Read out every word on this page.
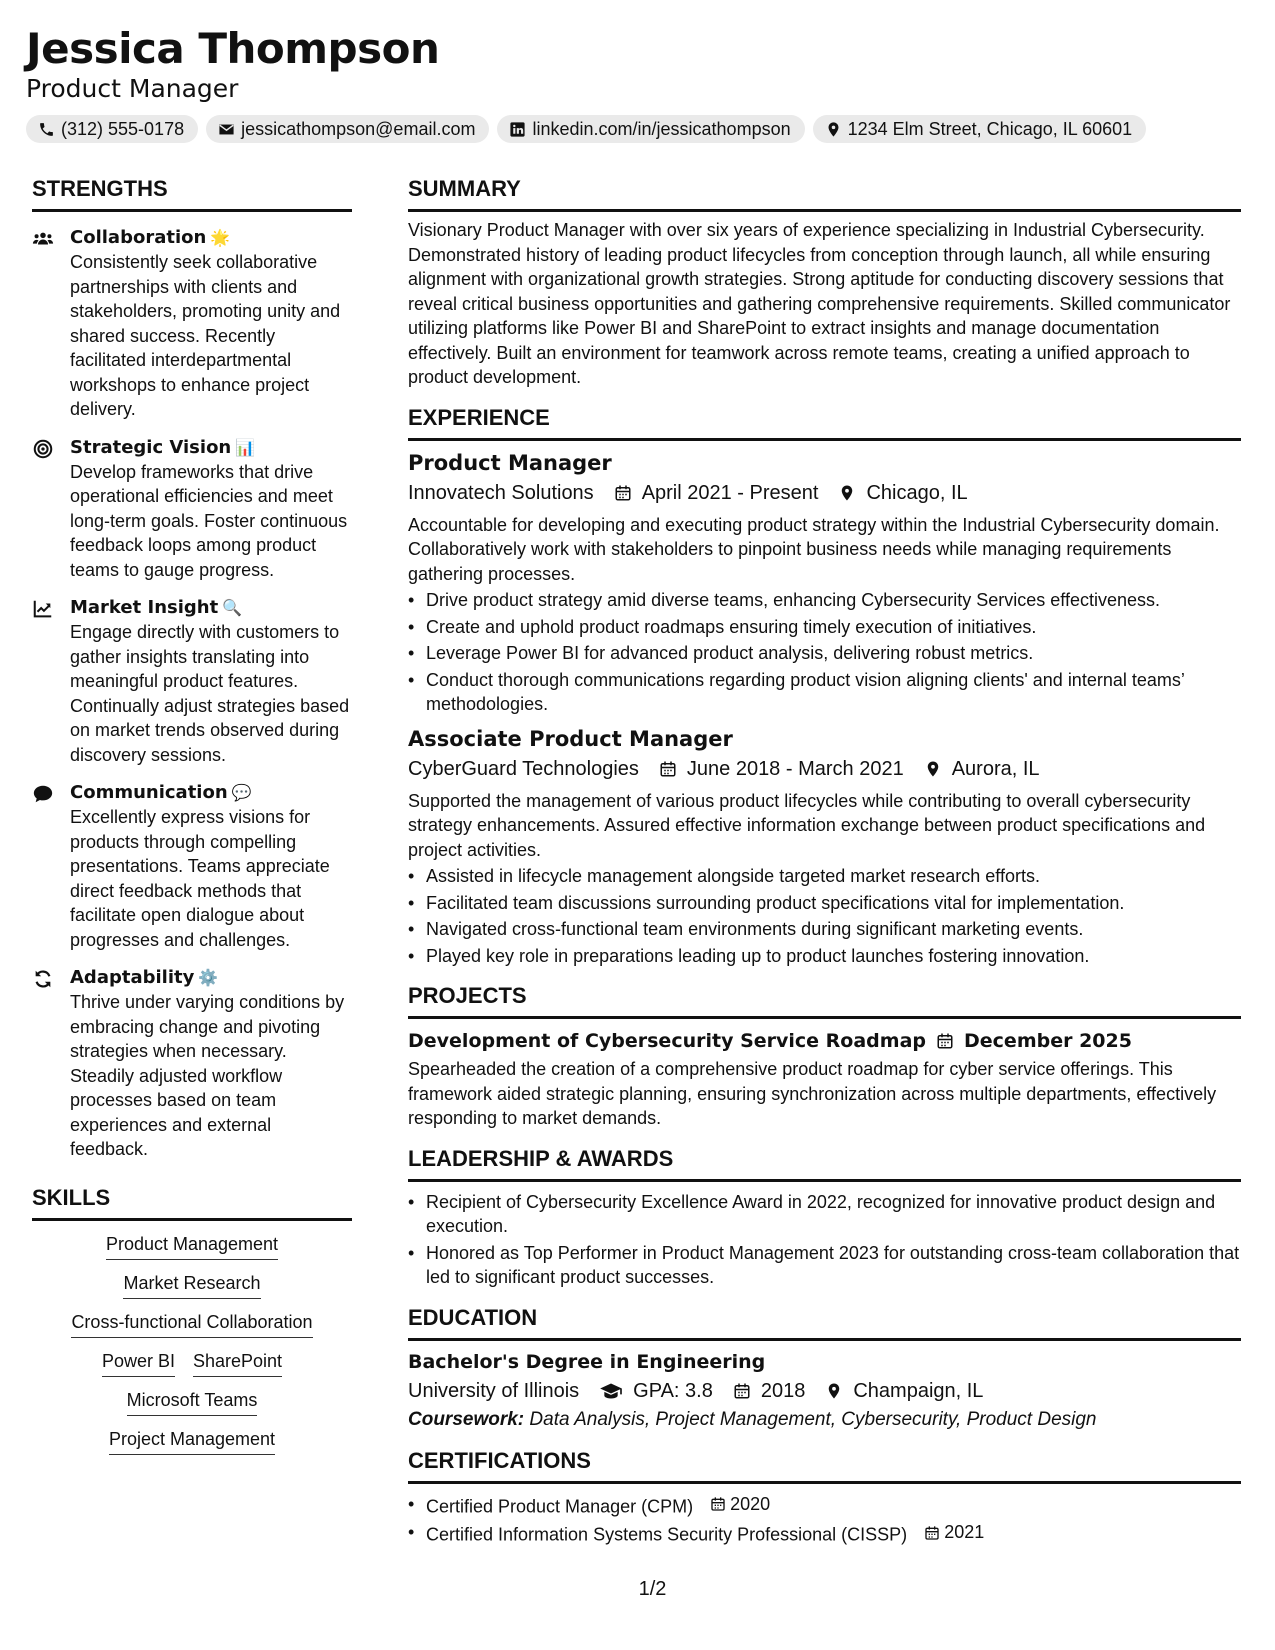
Jessica Thompson
Product Manager
(312) 555-0178	jessicathompson@email.com	linkedin.com/in/jessicathompson	1234 Elm Street, Chicago, IL 60601
STRENGTHS
Collaboration 🌟
Consistently seek collaborative partnerships with clients and stakeholders, promoting unity and shared success. Recently facilitated interdepartmental workshops to enhance project delivery.
Strategic Vision 📊
Develop frameworks that drive operational efficiencies and meet long-term goals. Foster continuous feedback loops among product teams to gauge progress.
Market Insight 🔍
Engage directly with customers to gather insights translating into meaningful product features. Continually adjust strategies based on market trends observed during discovery sessions.
Communication 💬
Excellently express visions for products through compelling presentations. Teams appreciate direct feedback methods that facilitate open dialogue about progresses and challenges.
Adaptability ⚙️
Thrive under varying conditions by embracing change and pivoting strategies when necessary. Steadily adjusted workflow processes based on team experiences and external feedback.
SKILLS
Product Management
Market Research
Cross-functional Collaboration
Power BI SharePoint
Microsoft Teams
Project Management
SUMMARY
Visionary Product Manager with over six years of experience specializing in Industrial Cybersecurity. Demonstrated history of leading product lifecycles from conception through launch, all while ensuring alignment with organizational growth strategies. Strong aptitude for conducting discovery sessions that reveal critical business opportunities and gathering comprehensive requirements. Skilled communicator utilizing platforms like Power BI and SharePoint to extract insights and manage documentation effectively. Built an environment for teamwork across remote teams, creating a unified approach to product development.
EXPERIENCE
Product Manager
Innovatech Solutions April 2021 - Present Chicago, IL
Accountable for developing and executing product strategy within the Industrial Cybersecurity domain. Collaboratively work with stakeholders to pinpoint business needs while managing requirements gathering processes.
• Drive product strategy amid diverse teams, enhancing Cybersecurity Services effectiveness.
• Create and uphold product roadmaps ensuring timely execution of initiatives.
• Leverage Power BI for advanced product analysis, delivering robust metrics.
• Conduct thorough communications regarding product vision aligning clients' and internal teams’ methodologies.
Associate Product Manager
CyberGuard Technologies June 2018 - March 2021 Aurora, IL
Supported the management of various product lifecycles while contributing to overall cybersecurity strategy enhancements. Assured effective information exchange between product specifications and project activities.
• Assisted in lifecycle management alongside targeted market research efforts.
• Facilitated team discussions surrounding product specifications vital for implementation.
• Navigated cross-functional team environments during significant marketing events.
• Played key role in preparations leading up to product launches fostering innovation.
PROJECTS
Development of Cybersecurity Service Roadmap December 2025
Spearheaded the creation of a comprehensive product roadmap for cyber service offerings. This framework aided strategic planning, ensuring synchronization across multiple departments, effectively responding to market demands.
LEADERSHIP & AWARDS
• Recipient of Cybersecurity Excellence Award in 2022, recognized for innovative product design and execution.
• Honored as Top Performer in Product Management 2023 for outstanding cross-team collaboration that led to significant product successes.
EDUCATION
Bachelor's Degree in Engineering
University of Illinois	GPA: 3.8 2018 Champaign, IL
Coursework: Data Analysis, Project Management, Cybersecurity, Product Design
CERTIFICATIONS
• Certified Product Manager (CPM) 2020
• Certified Information Systems Security Professional (CISSP) 2021
1/2
